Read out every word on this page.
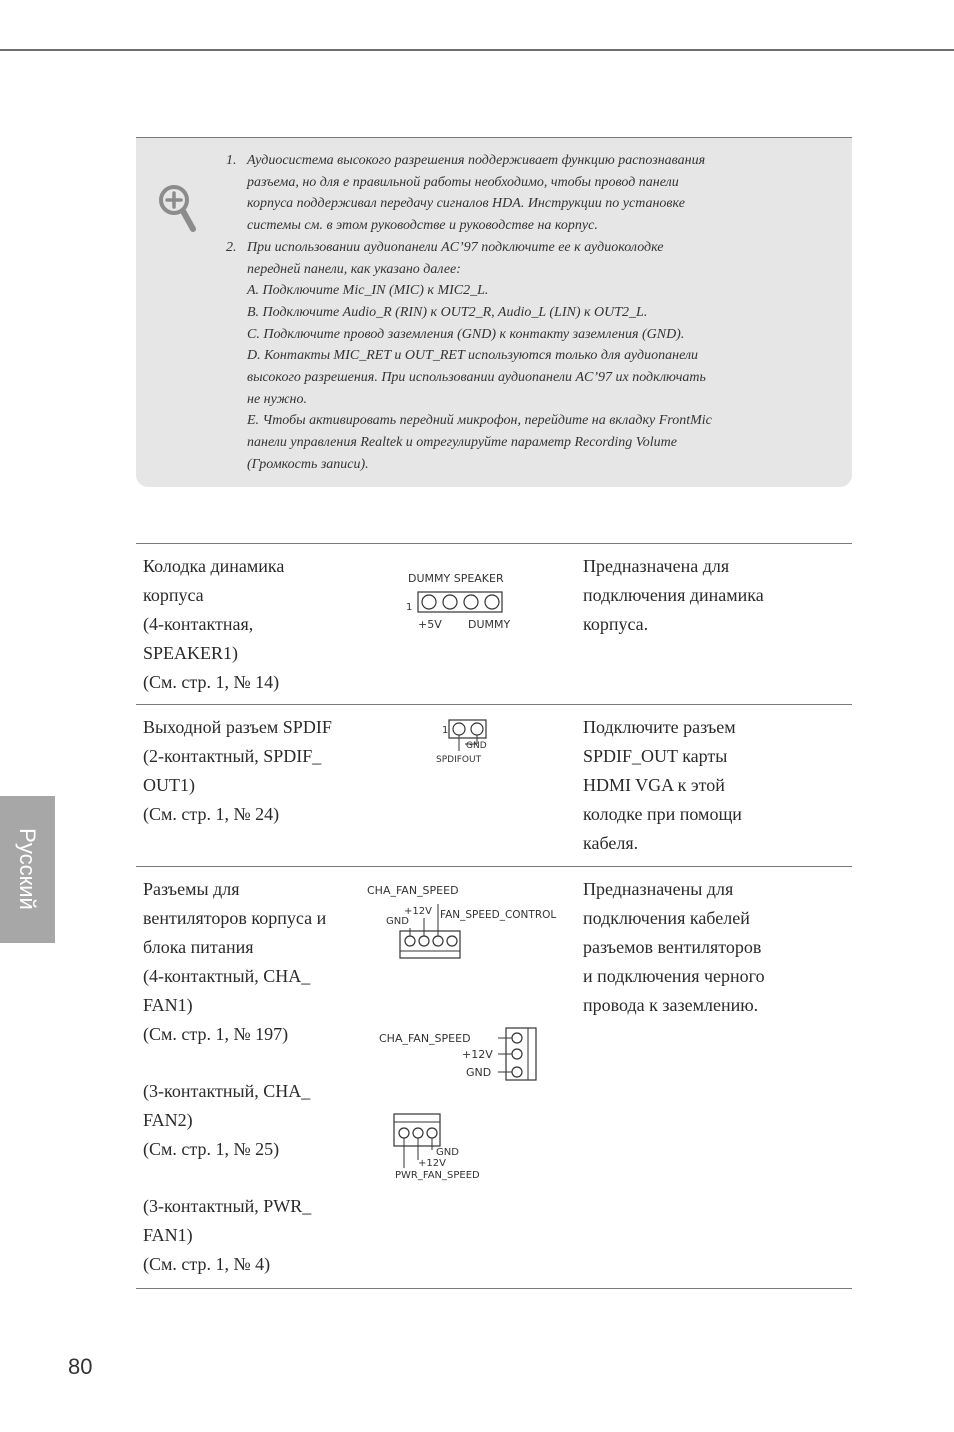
1. Аудиосистема высокого разрешения поддерживает функцию распознавания
разъема, но для е правильной работы необходимо, чтобы провод панели
корпуса поддерживал передачу сигналов HDA. Инструкции по установке
системы см. в этом руководстве и руководстве на корпус.
2. При использовании аудиопанели AC’97 подключите ее к аудиоколодке
передней панели, как указано далее:
A. Подключите Mic_IN (MIC) к MIC2_L.
B. Подключите Audio_R (RIN) к OUT2_R, Audio_L (LIN) к OUT2_L.
C. Подключите провод заземления (GND) к контакту заземления (GND).
D. Контакты MIC_RET и OUT_RET используются только для аудиопанели
высокого разрешения. При использовании аудиопанели AC’97 их подключать
не нужно.
E. Чтобы активировать передний микрофон, перейдите на вкладку FrontMic
панели управления Realtek и отрегулируйте параметр Recording Volume
(Громкость записи).
Колодка динамика
корпуса
(4-контактная,
SPEAKER1)
(См. стр. 1, № 14)
DUMMY SPEAKER
1
+5V DUMMY
Предназначена для
подключения динамика
корпуса.
Выходной разъем SPDIF
(2-контактный, SPDIF_
OUT1)
(См. стр. 1, № 24)
1
GND
SPDIFOUT
Подключите разъем
SPDIF_OUT карты
HDMI VGA к этой
колодке при помощи
кабеля.
Разъемы для
вентиляторов корпуса и
блока питания
(4-контактный, CHA_
FAN1)
(См. стр. 1, № 197)
(3-контактный, CHA_
FAN2)
(См. стр. 1, № 25)
(3-контактный, PWR_
FAN1)
(См. стр. 1, № 4)
CHA_FAN_SPEED
+12V
GND
FAN_SPEED_CONTROL
CHA_FAN_SPEED
+12V
GND
GND
+12V
PWR_FAN_SPEED
Предназначены для
подключения кабелей
разъемов вентиляторов
и подключения черного
провода к заземлению.
Русский
80
